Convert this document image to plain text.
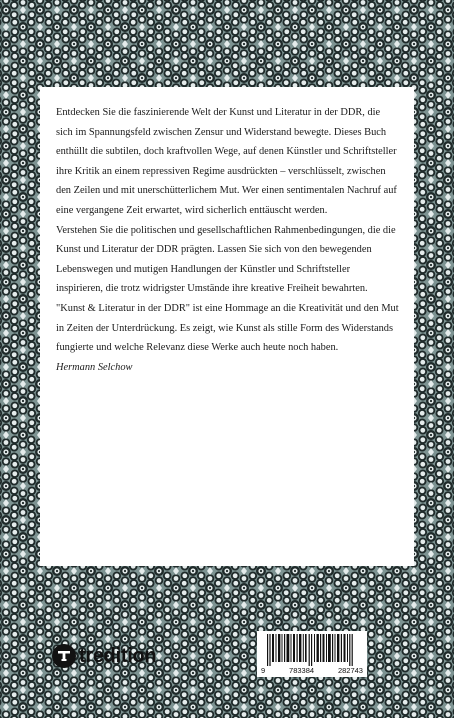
Entdecken Sie die faszinierende Welt der Kunst und Literatur in der DDR, die sich im Spannungsfeld zwischen Zensur und Widerstand bewegte. Dieses Buch enthüllt die subtilen, doch kraftvollen Wege, auf denen Künstler und Schriftsteller ihre Kritik an einem repressiven Regime ausdrückten – verschlüsselt, zwischen den Zeilen und mit unerschütterlichem Mut. Wer einen sentimentalen Nachruf auf eine vergangene Zeit erwartet, wird sicherlich enttäuscht werden.

Verstehen Sie die politischen und gesellschaftlichen Rahmenbedingungen, die die Kunst und Literatur der DDR prägten. Lassen Sie sich von den bewegenden Lebenswegen und mutigen Handlungen der Künstler und Schriftsteller inspirieren, die trotz widrigster Umstände ihre kreative Freiheit bewahrten.

"Kunst & Literatur in der DDR" ist eine Hommage an die Kreativität und den Mut in Zeiten der Unterdrückung. Es zeigt, wie Kunst als stille Form des Widerstands fungierte und welche Relevanz diese Werke auch heute noch haben.

Hermann Selchow

tredition
9	783384	282743
